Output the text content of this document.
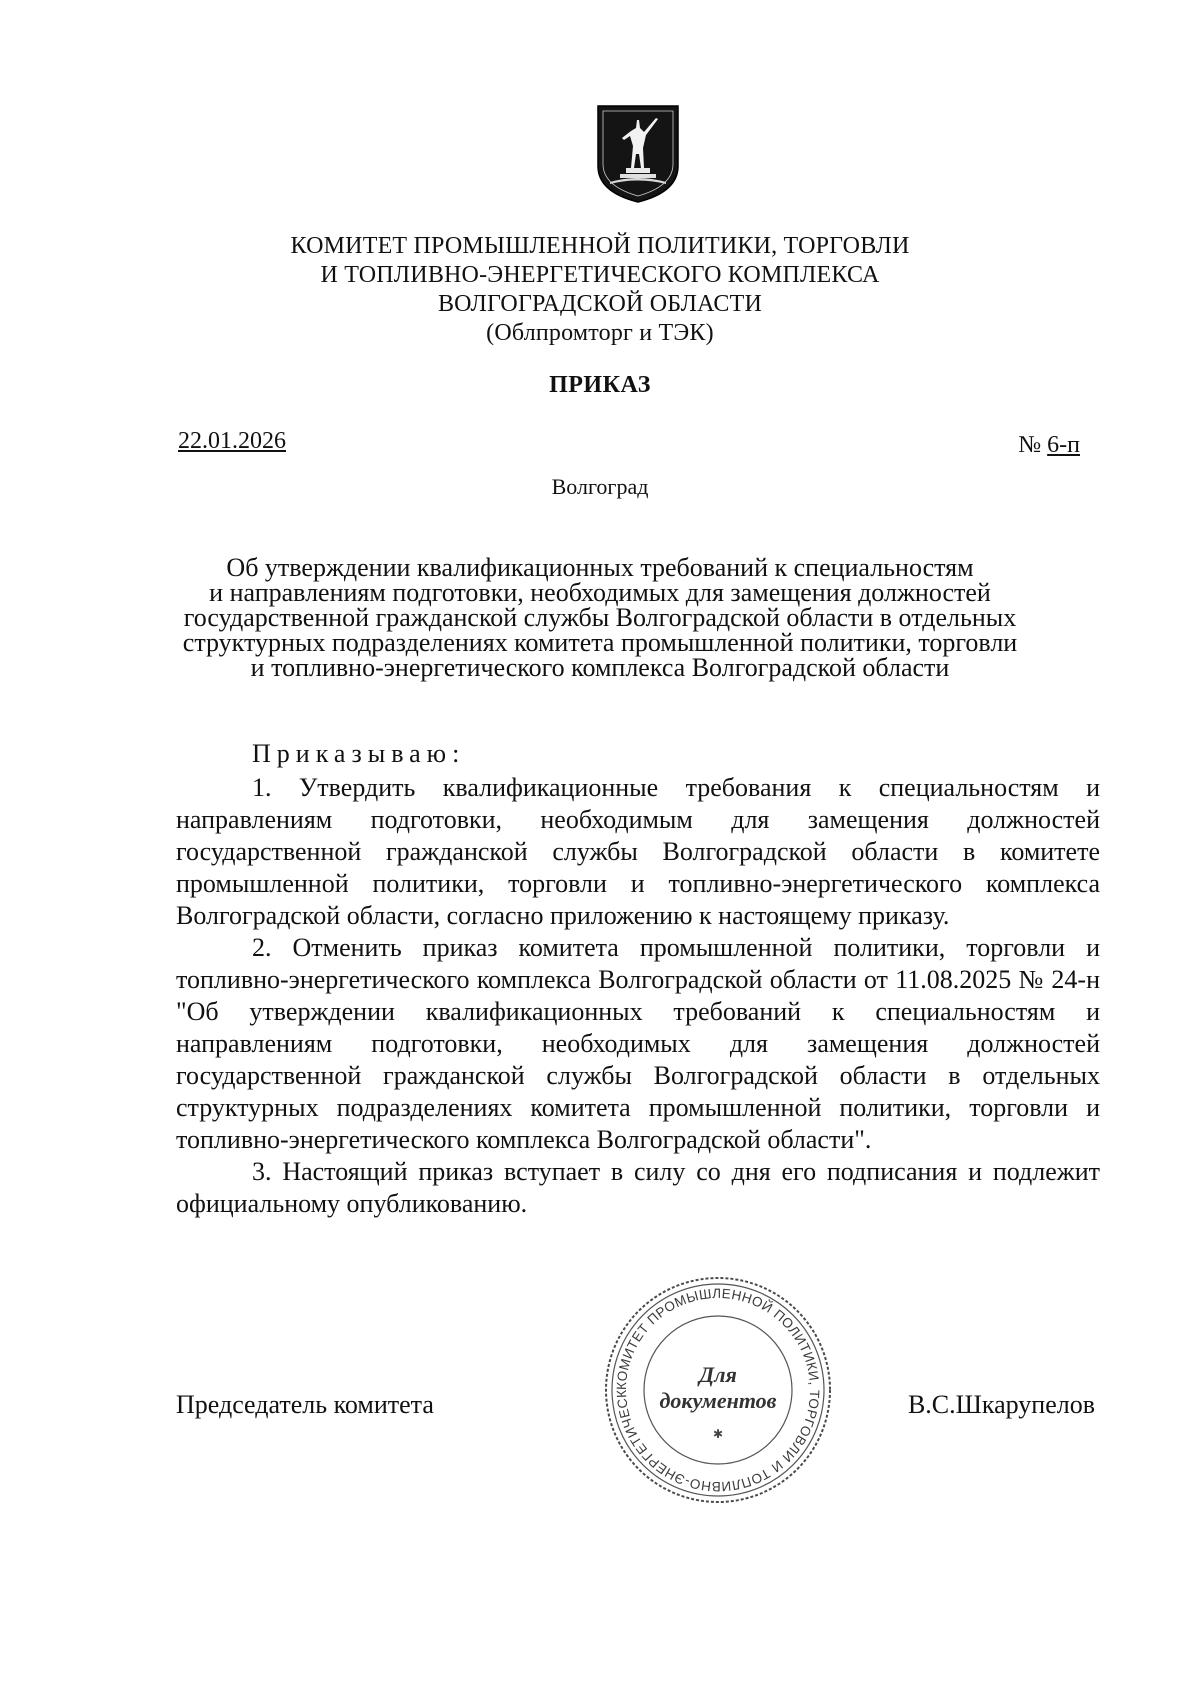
КОМИТЕТ ПРОМЫШЛЕННОЙ ПОЛИТИКИ, ТОРГОВЛИ
И ТОПЛИВНО-ЭНЕРГЕТИЧЕСКОГО КОМПЛЕКСА
ВОЛГОГРАДСКОЙ ОБЛАСТИ
(Облпромторг и ТЭК)
ПРИКАЗ
22.01.2026	№ 6-п
Волгоград
Об утверждении квалификационных требований к специальностям
и направлениям подготовки, необходимых для замещения должностей
государственной гражданской службы Волгоградской области в отдельных
структурных подразделениях комитета промышленной политики, торговли
и топливно-энергетического комплекса Волгоградской области
Приказываю:

1. Утвердить квалификационные требования к специальностям и направлениям подготовки, необходимым для замещения должностей государственной гражданской службы Волгоградской области в комитете промышленной политики, торговли и топливно-энергетического комплекса Волгоградской области, согласно приложению к настоящему приказу.

2. Отменить приказ комитета промышленной политики, торговли и топливно-энергетического комплекса Волгоградской области от 11.08.2025 № 24-н "Об утверждении квалификационных требований к специальностям и направлениям подготовки, необходимых для замещения должностей государственной гражданской службы Волгоградской области в отдельных структурных подразделениях комитета промышленной политики, торговли и топливно-энергетического комплекса Волгоградской области".

3. Настоящий приказ вступает в силу со дня его подписания и подлежит официальному опубликованию.

Председатель комитета	В.С.Шкарупелов
КОМИТЕТ ПРОМЫШЛЕННОЙ ПОЛИТИКИ, ТОРГОВЛИ И ТОПЛИВНО-ЭНЕРГЕТИЧЕСК
Для
документов
✱
